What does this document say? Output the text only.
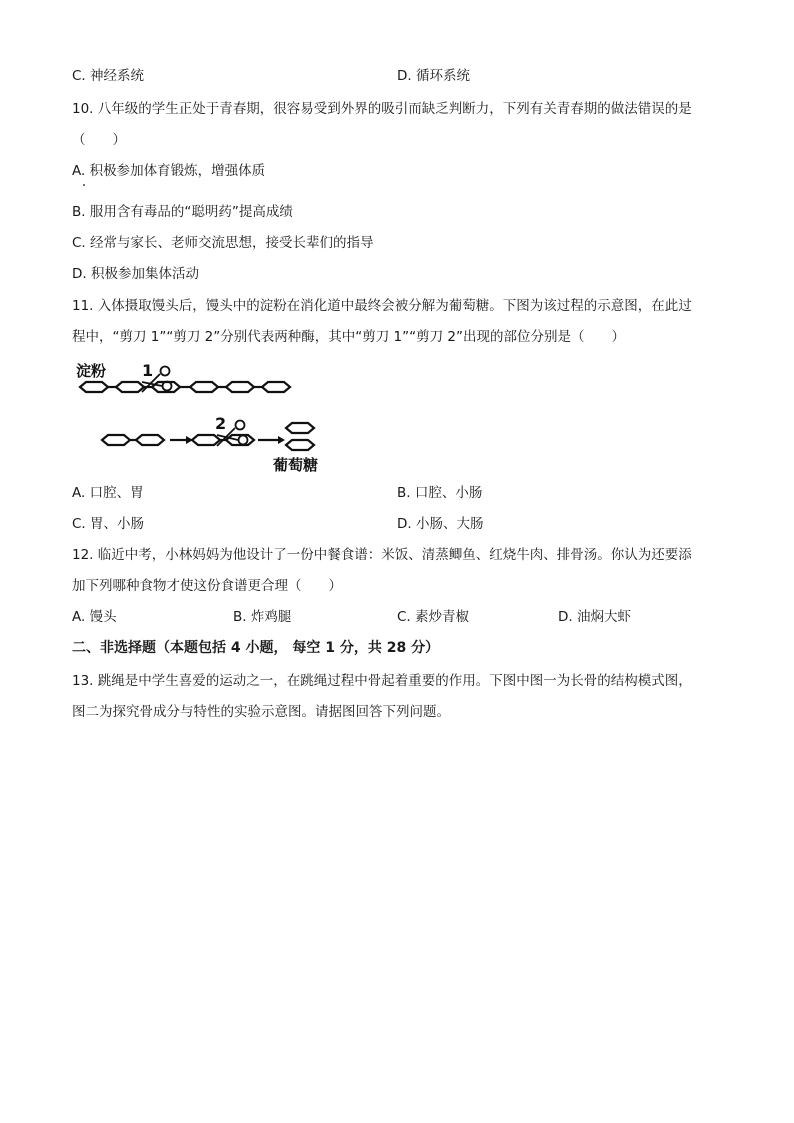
C. 神经系统	D. 循环系统
10. 八年级的学生正处于青春期，很容易受到外界的吸引而缺乏判断力，下列有关青春期的做法错误的是
（　　）
A. 积极参加体育锻炼，增强体质
B. 服用含有毒品的“聪明药”提高成绩
C. 经常与家长、老师交流思想，接受长辈们的指导
D. 积极参加集体活动
11. 入体摄取馒头后，馒头中的淀粉在消化道中最终会被分解为葡萄糖。下图为该过程的示意图，在此过
程中，“剪刀 1”“剪刀 2”分别代表两种酶，其中“剪刀 1”“剪刀 2”出现的部位分别是（　　）
淀粉 1
2
葡萄糖
A. 口腔、胃	B. 口腔、小肠
C. 胃、小肠	D. 小肠、大肠
12. 临近中考，小林妈妈为他设计了一份中餐食谱：米饭、清蒸鲫鱼、红烧牛肉、排骨汤。你认为还要添
加下列哪种食物才使这份食谱更合理（　　）
A. 馒头	B. 炸鸡腿	C. 素炒青椒	D. 油焖大虾
二、非选择题（本题包括 4 小题， 每空 1 分，共 28 分）
13. 跳绳是中学生喜爱的运动之一，在跳绳过程中骨起着重要的作用。下图中图一为长骨的结构模式图，
图二为探究骨成分与特性的实验示意图。请据图回答下列问题。
